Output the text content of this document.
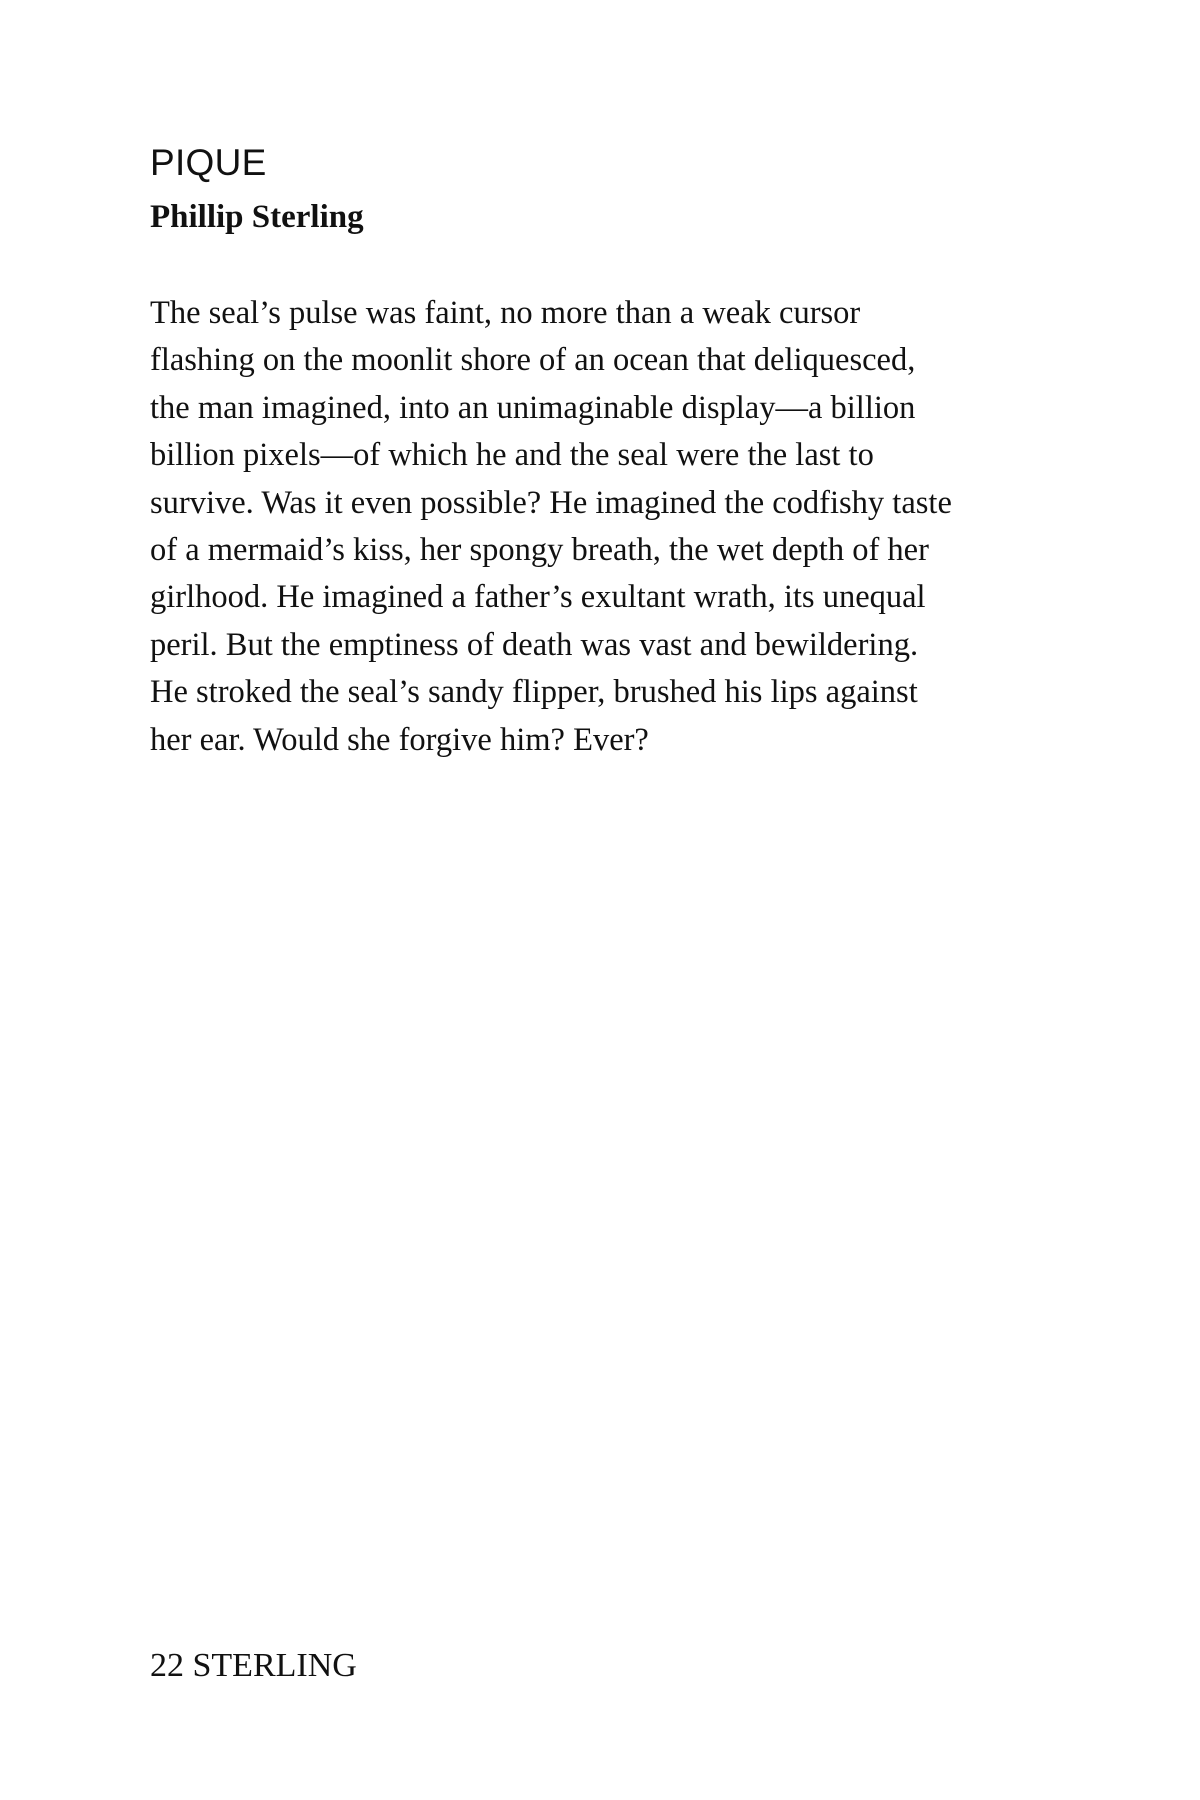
PIQUE
Phillip Sterling
The seal’s pulse was faint, no more than a weak cursor
flashing on the moonlit shore of an ocean that deliquesced,
the man imagined, into an unimaginable display—a billion
billion pixels—of which he and the seal were the last to
survive. Was it even possible? He imagined the codfishy taste
of a mermaid’s kiss, her spongy breath, the wet depth of her
girlhood. He imagined a father’s exultant wrath, its unequal
peril. But the emptiness of death was vast and bewildering.
He stroked the seal’s sandy flipper, brushed his lips against
her ear. Would she forgive him? Ever?
22 STERLING
